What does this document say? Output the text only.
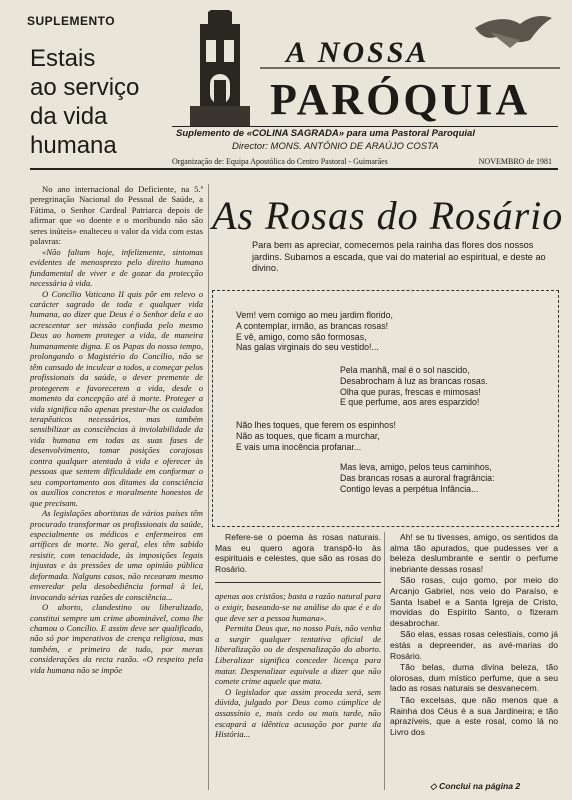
SUPLEMENTO
Estais
ao serviço
da vida
humana
A NOSSA
PARÓQUIA
Suplemento de «COLINA SAGRADA» para uma Pastoral Paroquial
Director: MONS. ANTÓNIO DE ARAÚJO COSTA
Organização de: Equipa Apostólica do Centro Pastoral - Guimarães	NOVEMBRO de 1981
As Rosas do Rosário
Para bem as apreciar, comecemos pela rainha das flores dos nossos jardins. Subamos a escada, que vai do material ao espiritual, e deste ao divino.
Vem! vem comigo ao meu jardim florido,
A contemplar, irmão, as brancas rosas!
E vê, amigo, como são formosas,
Nas galas virginais do seu vestido!...
Pela manhã, mal é o sol nascido,
Desabrocham à luz as brancas rosas.
Olha que puras, frescas e mimosas!
E que perfume, aos ares esparzido!
Não lhes toques, que ferem os espinhos!
Não as toques, que ficam a murchar,
E vais uma inocência profanar...
Mas leva, amigo, pelos teus caminhos,
Das brancas rosas a auroral fragrância:
Contigo levas a perpétua Infância...

No ano internacional do Deficiente, na 5.ª peregrinação Nacional do Pessoal de Saúde, a Fátima, o Senhor Cardeal Patriarca depois de afirmar que «o doente e o moribundo não são seres inúteis» enalteceu o valor da vida com estas palavras:

«Não faltam hoje, infelizmente, sintomas evidentes de menosprezo pelo direito humano fundamental de viver e de gozar da protecção necessária à vida.

O Concílio Vaticano II quis pôr em relevo o carácter sagrado de toda e qualquer vida humana, ao dizer que Deus é o Senhor dela e ao acrescentar ser missão confiada pelo mesmo Deus ao homem proteger a vida, de maneira humanamente digna. E os Papas do nosso tempo, prolongando o Magistério do Concílio, não se têm cansado de inculcar a todos, a começar pelos profissionais da saúde, o dever premente de protegerem e favorecerem a vida, desde o momento da concepção até à morte. Proteger a vida significa não apenas prestar-lhe os cuidados terapêuticos necessários, mas também sensibilizar as consciências à inviolabilidade da vida humana em todas as suas fases de desenvolvimento, tomar posições corajosas contra qualquer atentado à vida e oferecer às pessoas que sentem dificuldade em conformar o seu comportamento aos ditames da consciência os auxílios concretos e moralmente honestos de que precisam.

As legislações abortistas de vários países têm procurado transformar os profissionais da saúde, especialmente os médicos e enfermeiros em artífices de morte. No geral, eles têm sabido resistir, com tenacidade, às imposições legais injustas e às pressões de uma opinião pública deformada. Nalguns casos, não recearam mesmo enveredar pela desobediência formal à lei, invocando sérias razões de consciência...

O aborto, clandestino ou liberalizado, constitui sempre um crime abominável, como lhe chamou o Concílio. E assim deve ser qualificado, não só por imperativos de crença religiosa, mas também, e primeiro de tudo, por meras considerações da recta razão. «O respeito pela vida humana não se impõe

Refere-se o poema às rosas naturais. Mas eu quero agora transpô-lo às espirituais e celestes, que são as rosas do Rosário.

apenas aos cristãos; basta a razão natural para o exigir, baseando-se na análise do que é e do que deve ser a pessoa humana».

Permita Deus que, no nosso País, não venha a surgir qualquer tentativa oficial de liberalização ou de despenalização do aborto. Liberalizar significa conceder licença para matar. Despenalizar equivale a dizer que não comete crime aquele que mata.

O legislador que assim proceda será, sem dúvida, julgado por Deus como cúmplice de assassínio e, mais cedo ou mais tarde, não escapará a idêntica acusação por parte da História...

Ah! se tu tivesses, amigo, os sentidos da alma tão apurados, que pudesses ver a beleza deslumbrante e sentir o perfume inebriante dessas rosas!

São rosas, cujo gomo, por meio do Arcanjo Gabriel, nos veio do Paraíso, e Santa Isabel e a Santa Igreja de Cristo, movidas do Espírito Santo, o fizeram desabrochar.

São elas, essas rosas celestiais, como já estás a depreender, as avé-marias do Rosário.

Tão belas, duma divina beleza, tão olorosas, dum místico perfume, que a seu lado as rosas naturais se desvanecem.

Tão excelsas, que não menos que a Rainha dos Céus é a sua Jardineira; e tão aprazíveis, que a este rosal, como lá no Livro dos

◇ Conclui na página 2
